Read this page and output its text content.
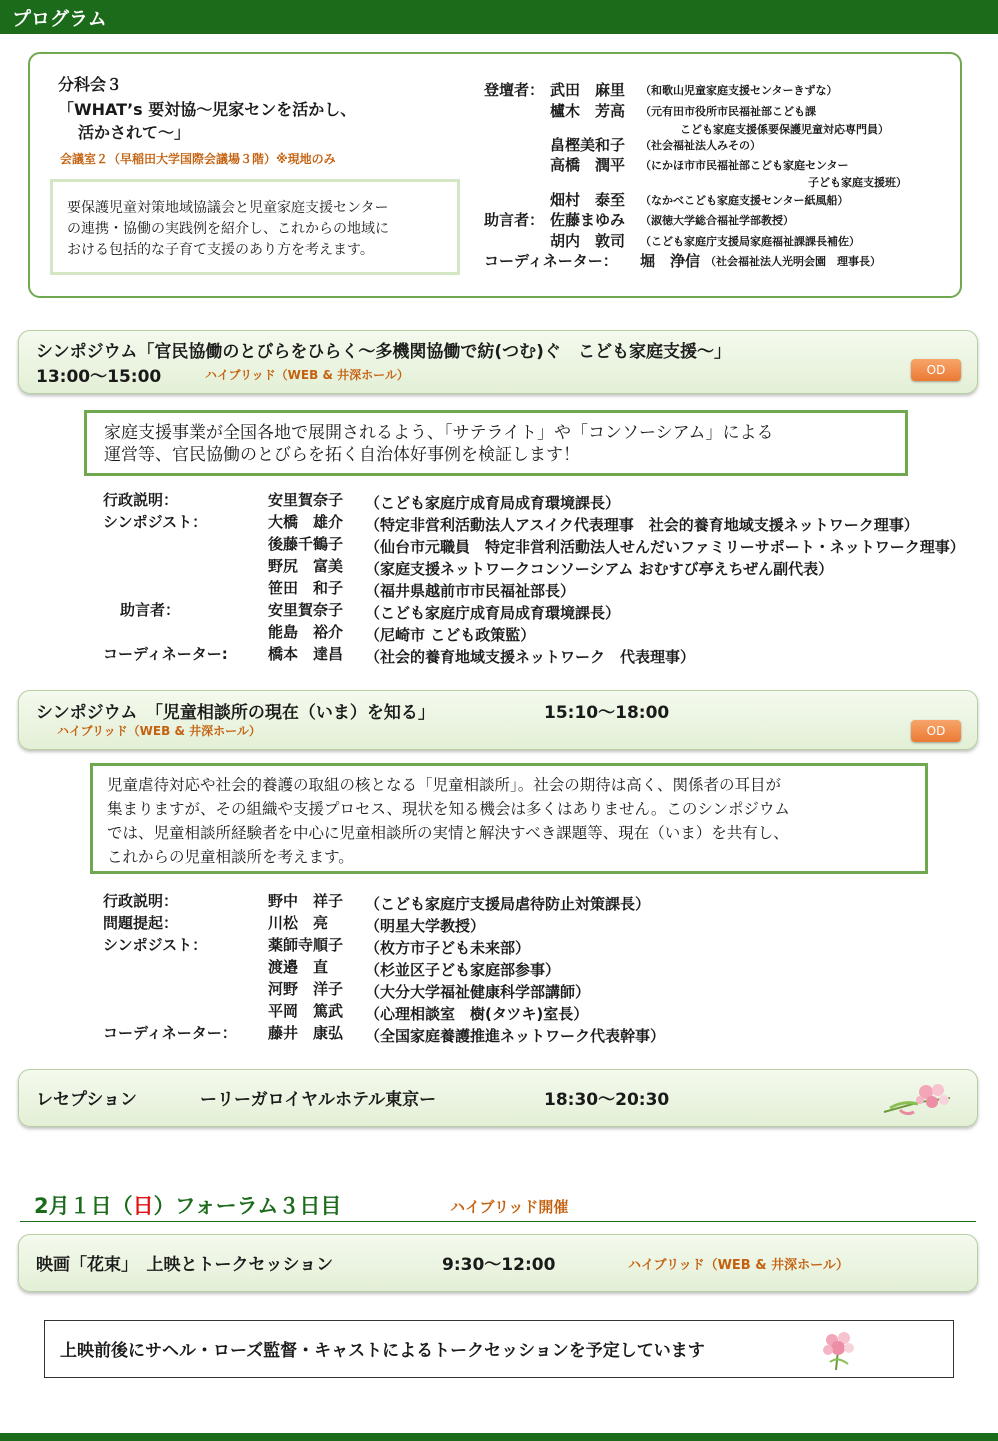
プログラム
分科会３
「WHAT’s 要対協～児家センを活かし、
活かされて～」
会議室２（早稲田大学国際会議場３階）※現地のみ
要保護児童対策地域協議会と児童家庭支援センター
の連携・協働の実践例を紹介し、これからの地域に
おける包括的な子育て支援のあり方を考えます。
登壇者： 武田　麻里 （和歌山児童家庭支援センターきずな）
櫨木　芳高 （元有田市役所市民福祉部こども課
こども家庭支援係要保護児童対応専門員）
畠樫美和子 （社会福祉法人みその）
高橋　潤平 （にかほ市市民福祉部こども家庭センター
子ども家庭支援班）
畑村　泰至 （なかべこども家庭支援センター紙風船）
助言者： 佐藤まゆみ （淑徳大学総合福祉学部教授）
胡内　敦司 （こども家庭庁支援局家庭福祉課課長補佐）
コーディネーター： 堀　浄信 （社会福祉法人光明会園　理事長）
シンポジウム「官民協働のとびらをひらく～多機関協働で紡(つむ)ぐ　こども家庭支援～」
13:00～15:00	ハイブリッド（WEB & 井深ホール）	OD
家庭支援事業が全国各地で展開されるよう、「サテライト」や「コンソーシアム」による
運営等、官民協働のとびらを拓く自治体好事例を検証します！
行政説明：	安里賀奈子 （こども家庭庁成育局成育環境課長）
シンポジスト：	大橋　雄介 （特定非営利活動法人アスイク代表理事　社会的養育地域支援ネットワーク理事）
後藤千鶴子 （仙台市元職員　特定非営利活動法人せんだいファミリーサポート・ネットワーク理事）
野尻　富美 （家庭支援ネットワークコンソーシアム おむすび亭えちぜん副代表）
笹田　和子 （福井県越前市市民福祉部長）
助言者：	安里賀奈子 （こども家庭庁成育局成育環境課長）
能島　裕介 （尼崎市 こども政策監）
コーディネーター:	橋本　達昌 （社会的養育地域支援ネットワーク　代表理事）
シンポジウム　「児童相談所の現在（いま）を知る」	15:10～18:00
ハイブリッド（WEB & 井深ホール）	OD
児童虐待対応や社会的養護の取組の核となる「児童相談所」。社会の期待は高く、関係者の耳目が
集まりますが、その組織や支援プロセス、現状を知る機会は多くはありません。このシンポジウム
では、児童相談所経験者を中心に児童相談所の実情と解決すべき課題等、現在（いま）を共有し、
これからの児童相談所を考えます。
行政説明：	野中　祥子 （こども家庭庁支援局虐待防止対策課長）
問題提起：	川松　亮 （明星大学教授）
シンポジスト：	薬師寺順子 （枚方市子ども未来部）
渡邉　直 （杉並区子ども家庭部参事）
河野　洋子 （大分大学福祉健康科学部講師）
平岡　篤武 （心理相談室　樹(タツキ)室長）
コーディネーター： 藤井　康弘 （全国家庭養護推進ネットワーク代表幹事）
レセプション	ーリーガロイヤルホテル東京ー	18:30～20:30
2月１日（日）フォーラム３日目	ハイブリッド開催
映画「花束」　上映とトークセッション	9:30～12:00	ハイブリッド（WEB & 井深ホール）
上映前後にサヘル・ローズ監督・キャストによるトークセッションを予定しています
